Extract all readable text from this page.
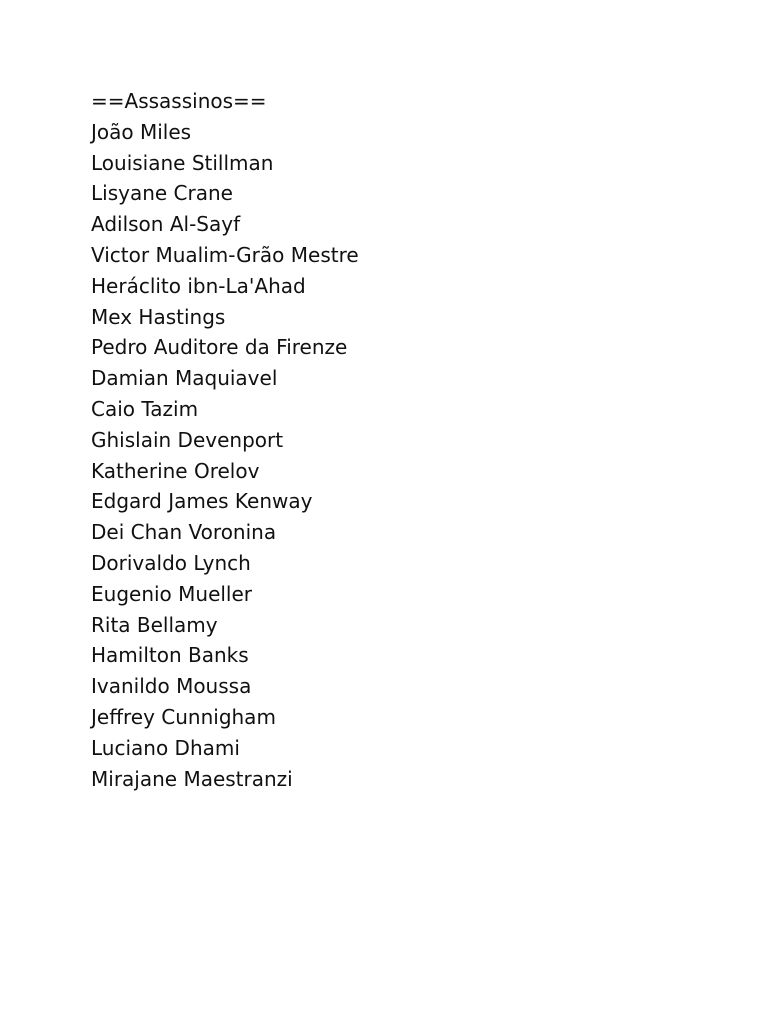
==Assassinos==
João Miles
Louisiane Stillman
Lisyane Crane
Adilson Al-Sayf
Victor Mualim-Grão Mestre
Heráclito ibn-La'Ahad
Mex Hastings
Pedro Auditore da Firenze
Damian Maquiavel
Caio Tazim
Ghislain Devenport
Katherine Orelov
Edgard James Kenway
Dei Chan Voronina
Dorivaldo Lynch
Eugenio Mueller
Rita Bellamy
Hamilton Banks
Ivanildo Moussa
Jeffrey Cunnigham
Luciano Dhami
Mirajane Maestranzi
